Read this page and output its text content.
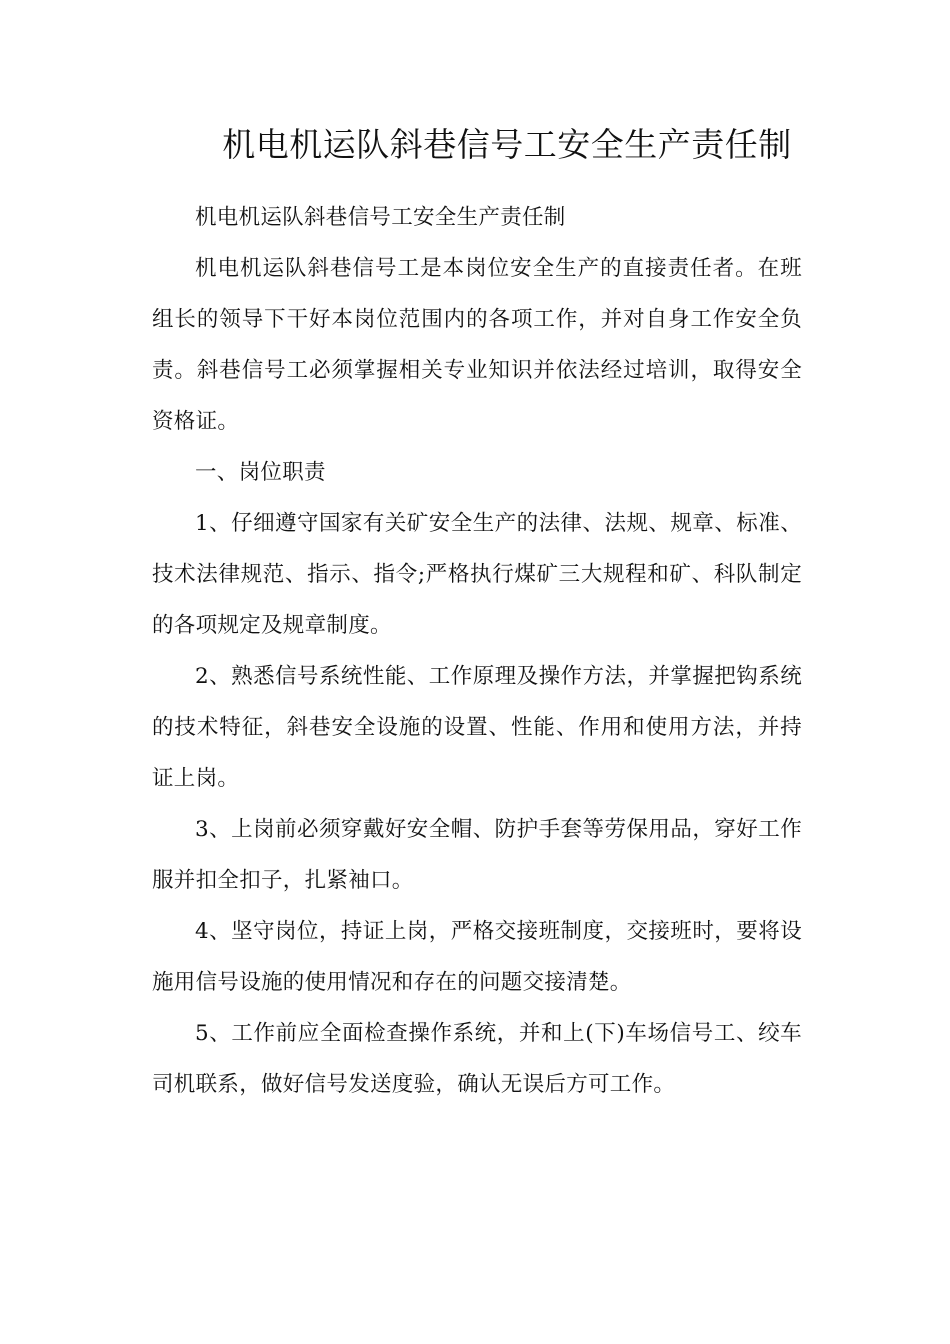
机电机运队斜巷信号工安全生产责任制

机电机运队斜巷信号工安全生产责任制

机电机运队斜巷信号工是本岗位安全生产的直接责任者。在班组长的领导下干好本岗位范围内的各项工作，并对自身工作安全负责。斜巷信号工必须掌握相关专业知识并依法经过培训，取得安全资格证。

一、岗位职责

1、仔细遵守国家有关矿安全生产的法律、法规、规章、标准、技术法律规范、指示、指令;严格执行煤矿三大规程和矿、科队制定的各项规定及规章制度。

2、熟悉信号系统性能、工作原理及操作方法，并掌握把钩系统的技术特征，斜巷安全设施的设置、性能、作用和使用方法，并持证上岗。

3、上岗前必须穿戴好安全帽、防护手套等劳保用品，穿好工作服并扣全扣子，扎紧袖口。

4、坚守岗位，持证上岗，严格交接班制度，交接班时，要将设施用信号设施的使用情况和存在的问题交接清楚。

5、工作前应全面检查操作系统，并和上(下)车场信号工、绞车司机联系，做好信号发送度验，确认无误后方可工作。
